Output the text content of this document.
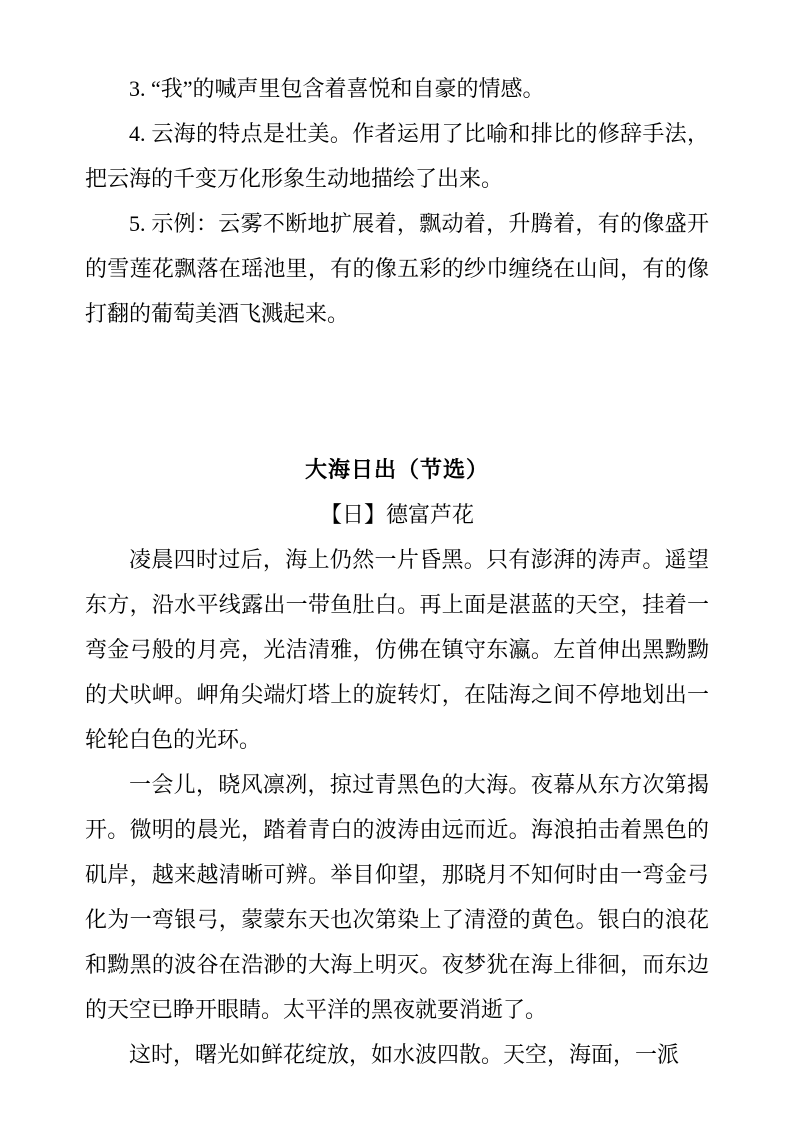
3. “我”的喊声里包含着喜悦和自豪的情感。

4. 云海的特点是壮美。作者运用了比喻和排比的修辞手法，把云海的千变万化形象生动地描绘了出来。

5. 示例：云雾不断地扩展着，飘动着，升腾着，有的像盛开的雪莲花飘落在瑶池里，有的像五彩的纱巾缠绕在山间，有的像打翻的葡萄美酒飞溅起来。

大海日出（节选）

【日】德富芦花

凌晨四时过后，海上仍然一片昏黑。只有澎湃的涛声。遥望东方，沿水平线露出一带鱼肚白。再上面是湛蓝的天空，挂着一弯金弓般的月亮，光洁清雅，仿佛在镇守东瀛。左首伸出黑黝黝的犬吠岬。岬角尖端灯塔上的旋转灯，在陆海之间不停地划出一轮轮白色的光环。

一会儿，晓风凛冽，掠过青黑色的大海。夜幕从东方次第揭开。微明的晨光，踏着青白的波涛由远而近。海浪拍击着黑色的矶岸，越来越清晰可辨。举目仰望，那晓月不知何时由一弯金弓化为一弯银弓，蒙蒙东天也次第染上了清澄的黄色。银白的浪花和黝黑的波谷在浩渺的大海上明灭。夜梦犹在海上徘徊，而东边的天空已睁开眼睛。太平洋的黑夜就要消逝了。

这时，曙光如鲜花绽放，如水波四散。天空，海面，一派
